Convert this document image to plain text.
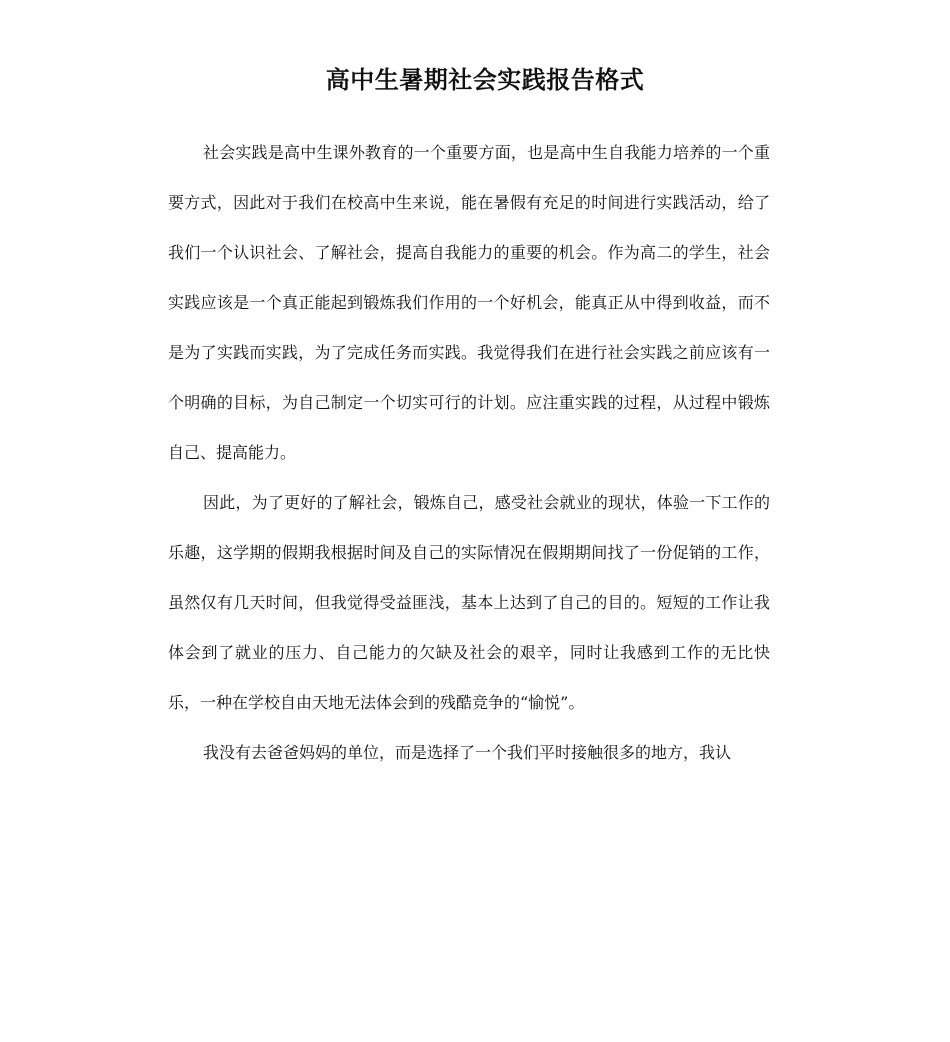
高中生暑期社会实践报告格式

社会实践是高中生课外教育的一个重要方面，也是高中生自我能力培养的一个重要方式，因此对于我们在校高中生来说，能在暑假有充足的时间进行实践活动，给了我们一个认识社会、了解社会，提高自我能力的重要的机会。作为高二的学生，社会实践应该是一个真正能起到锻炼我们作用的一个好机会，能真正从中得到收益，而不是为了实践而实践，为了完成任务而实践。我觉得我们在进行社会实践之前应该有一个明确的目标，为自己制定一个切实可行的计划。应注重实践的过程，从过程中锻炼自己、提高能力。

因此，为了更好的了解社会，锻炼自己，感受社会就业的现状，体验一下工作的乐趣，这学期的假期我根据时间及自己的实际情况在假期期间找了一份促销的工作，虽然仅有几天时间，但我觉得受益匪浅，基本上达到了自己的目的。短短的工作让我体会到了就业的压力、自己能力的欠缺及社会的艰辛，同时让我感到工作的无比快乐，一种在学校自由天地无法体会到的残酷竞争的“愉悦”。

我没有去爸爸妈妈的单位，而是选择了一个我们平时接触很多的地方，我认
